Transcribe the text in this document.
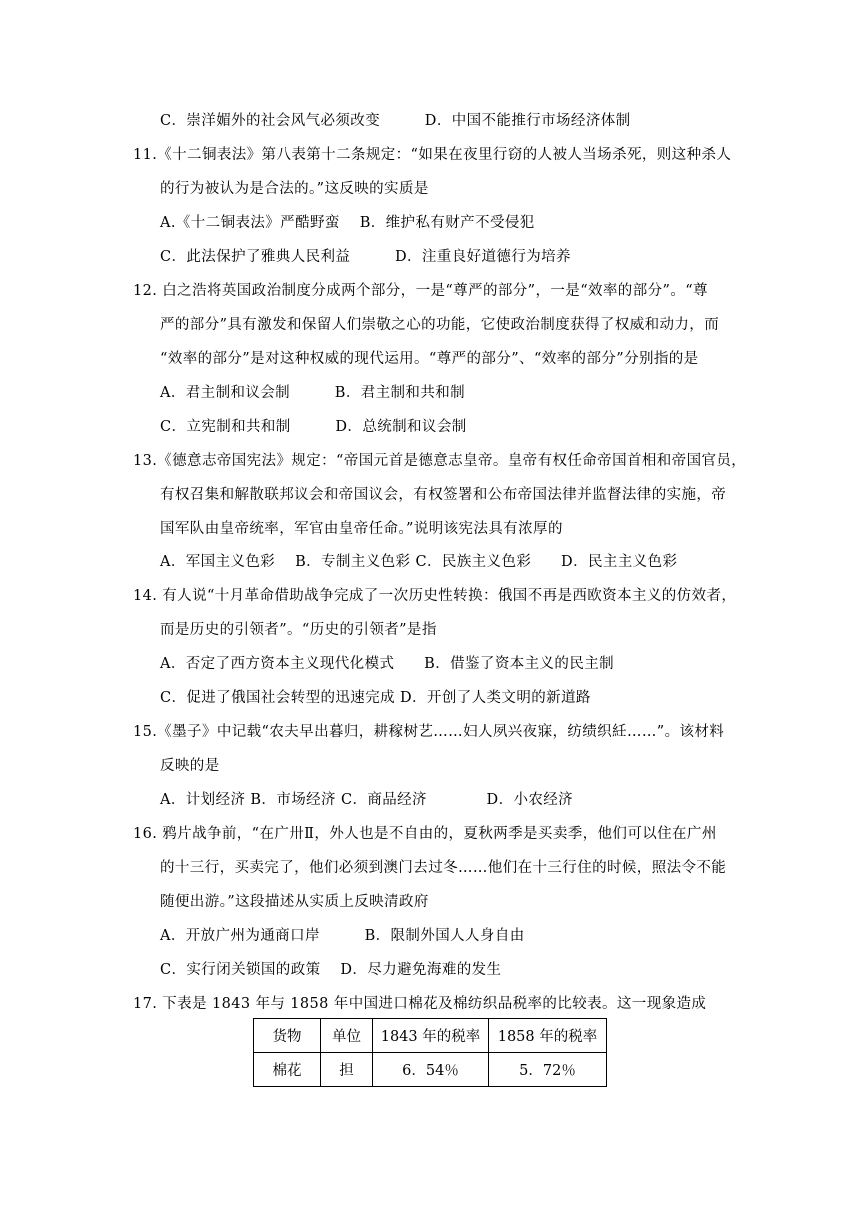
C．崇洋媚外的社会风气必须改变　　　D．中国不能推行市场经济体制
11.《十二铜表法》第八表第十二条规定：“如果在夜里行窃的人被人当场杀死，则这种杀人
的行为被认为是合法的。”这反映的实质是
A.《十二铜表法》严酷野蛮　 B．维护私有财产不受侵犯
C．此法保护了雅典人民利益　　　D．注重良好道德行为培养
12. 白之浩将英国政治制度分成两个部分，一是“尊严的部分”，一是“效率的部分”。“尊
严的部分”具有激发和保留人们崇敬之心的功能，它使政治制度获得了权威和动力，而
“效率的部分”是对这种权威的现代运用。“尊严的部分”、“效率的部分”分别指的是
A．君主制和议会制　　　B．君主制和共和制
C．立宪制和共和制　　　D．总统制和议会制
13.《德意志帝国宪法》规定：“帝国元首是德意志皇帝。皇帝有权任命帝国首相和帝国官员，
有权召集和解散联邦议会和帝国议会，有权签署和公布帝国法律并监督法律的实施，帝
国军队由皇帝统率，军官由皇帝任命。”说明该宪法具有浓厚的
A．军国主义色彩　 B．专制主义色彩 C．民族主义色彩　　D．民主主义色彩
14. 有人说“十月革命借助战争完成了一次历史性转换：俄国不再是西欧资本主义的仿效者，
而是历史的引领者”。“历史的引领者”是指
A．否定了西方资本主义现代化模式　　B．借鉴了资本主义的民主制
C．促进了俄国社会转型的迅速完成 D．开创了人类文明的新道路
15.《墨子》中记载“农夫早出暮归，耕稼树艺……妇人夙兴夜寐，纺绩织紝……”。该材料
反映的是
A．计划经济 B．市场经济 C．商品经济　　　　D．小农经济
16. 鸦片战争前，“在广卅Ⅱ，外人也是不自由的，夏秋两季是买卖季，他们可以住在广州
的十三行，买卖完了，他们必须到澳门去过冬……他们在十三行住的时候，照法令不能
随便出游。”这段描述从实质上反映清政府
A．开放广州为通商口岸　　　B．限制外国人人身自由
C．实行闭关锁国的政策　 D．尽力避免海难的发生
17. 下表是 1843 年与 1858 年中国进口棉花及棉纺织品税率的比较表。这一现象造成
货物	单位	1843 年的税率	1858 年的税率
棉花	担	6．54％	5．72％
